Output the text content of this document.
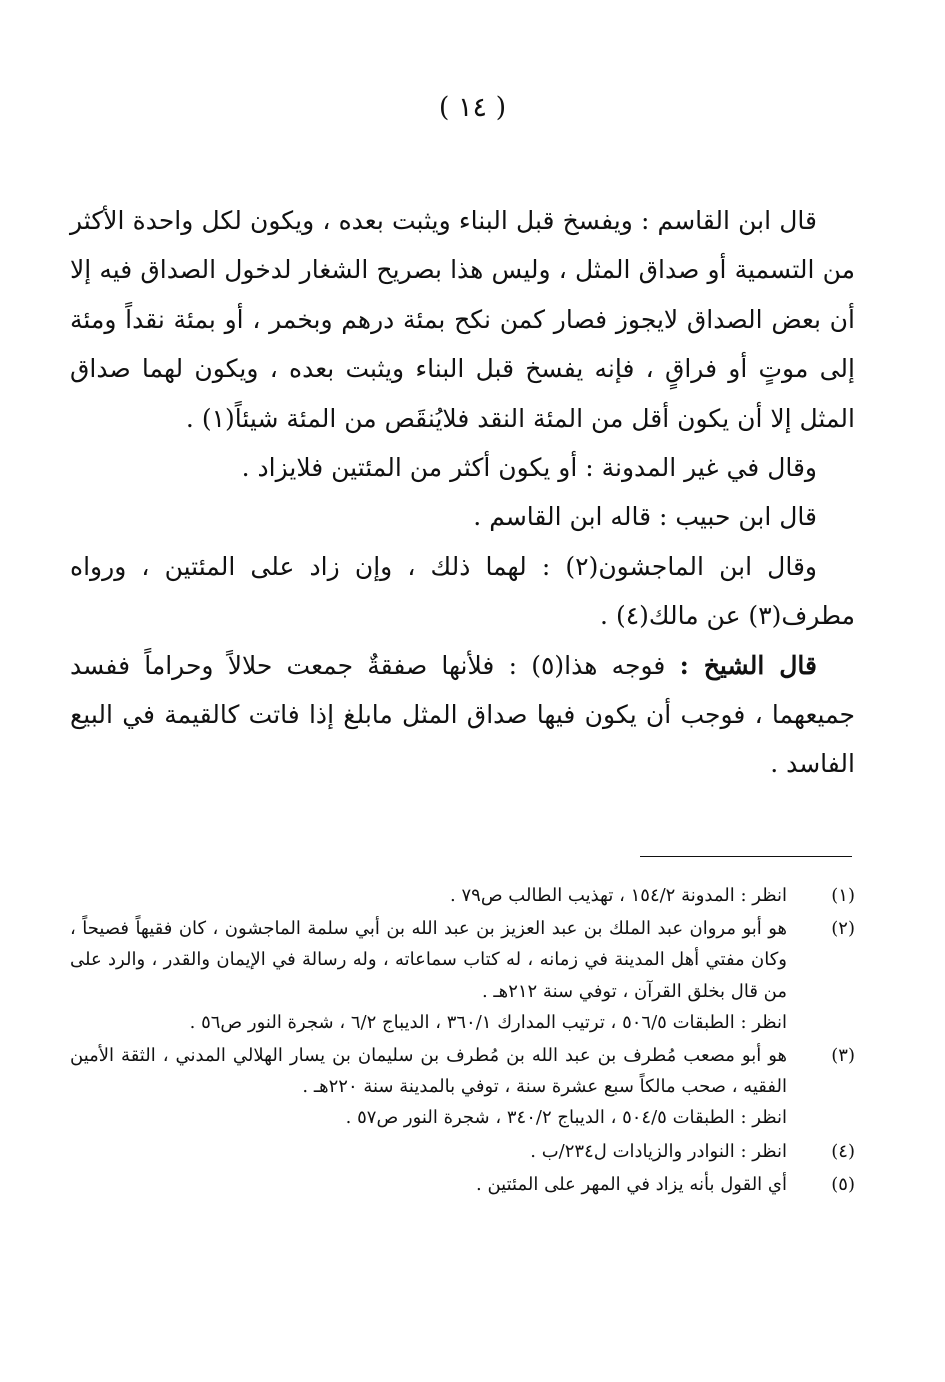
( ١٤ )

قال ابن القاسم : ويفسخ قبل البناء ويثبت بعده ، ويكون لكل واحدة الأكثر من التسمية أو صداق المثل ، وليس هذا بصريح الشغار لدخول الصداق فيه إلا أن بعض الصداق لايجوز فصار كمن نكح بمئة درهم وبخمر ، أو بمئة نقداً ومئة إلى موتٍ أو فراقٍ ، فإنه يفسخ قبل البناء ويثبت بعده ، ويكون لهما صداق المثل إلا أن يكون أقل من المئة النقد فلايُنقَص من المئة شيئاً(١) .

وقال في غير المدونة : أو يكون أكثر من المئتين فلايزاد .

قال ابن حبيب : قاله ابن القاسم .

وقال ابن الماجشون(٢) : لهما ذلك ، وإن زاد على المئتين ، ورواه مطرف(٣) عن مالك(٤) .

قال الشيخ : فوجه هذا(٥) : فلأنها صفقةٌ جمعت حلالاً وحراماً ففسد جميعهما ، فوجب أن يكون فيها صداق المثل مابلغ إذا فاتت كالقيمة في البيع الفاسد .

(١)
انظر : المدونة ١٥٤/٢ ، تهذيب الطالب ص٧٩ .
(٢)
هو أبو مروان عبد الملك بن عبد العزيز بن عبد الله بن أبي سلمة الماجشون ، كان فقيهاً فصيحاً ، وكان مفتي أهل المدينة في زمانه ، له كتاب سماعاته ، وله رسالة في الإيمان والقدر ، والرد على من قال بخلق القرآن ، توفي سنة ٢١٢هـ .
انظر : الطبقات ٥٠٦/٥ ، ترتيب المدارك ٣٦٠/١ ، الديباج ٦/٢ ، شجرة النور ص٥٦ .
(٣)
هو أبو مصعب مُطرف بن عبد الله بن مُطرف بن سليمان بن يسار الهلالي المدني ، الثقة الأمين الفقيه ، صحب مالكاً سبع عشرة سنة ، توفي بالمدينة سنة ٢٢٠هـ .
انظر : الطبقات ٥٠٤/٥ ، الديباج ٣٤٠/٢ ، شجرة النور ص٥٧ .
(٤)
انظر : النوادر والزيادات ل٢٣٤/ب .
(٥)
أي القول بأنه يزاد في المهر على المئتين .
